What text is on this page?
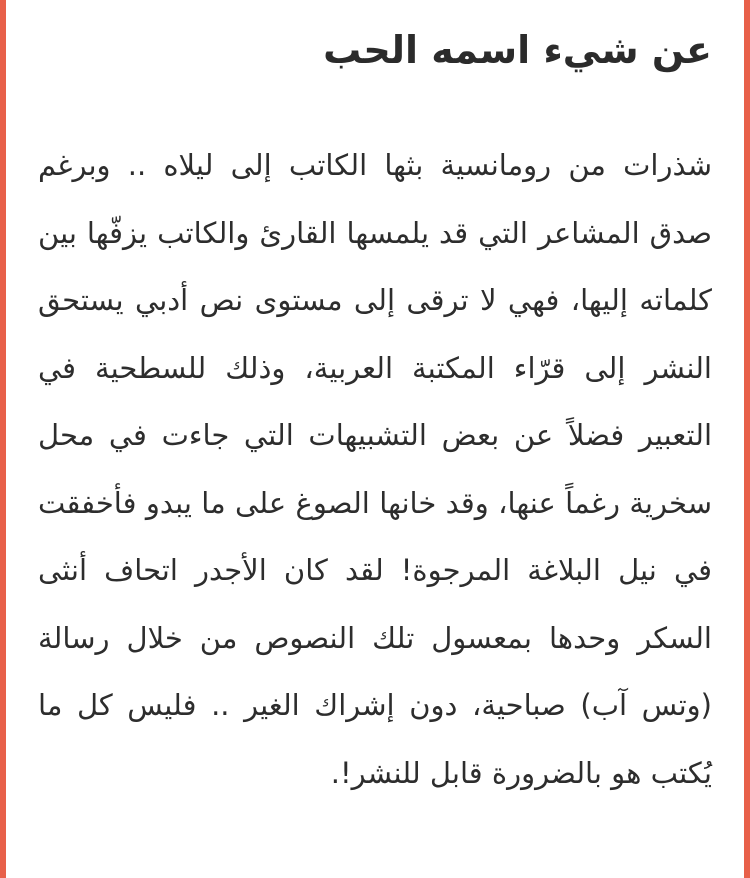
عن شيء اسمه الحب

شذرات من رومانسية بثها الكاتب إلى ليلاه .. وبرغم صدق المشاعر التي قد يلمسها القارئ والكاتب يزفّها بين كلماته إليها، فهي لا ترقى إلى مستوى نص أدبي يستحق النشر إلى قرّاء المكتبة العربية، وذلك للسطحية في التعبير فضلاً عن بعض التشبيهات التي جاءت في محل سخرية رغماً عنها، وقد خانها الصوغ على ما يبدو فأخفقت في نيل البلاغة المرجوة! لقد كان الأجدر اتحاف أنثى السكر وحدها بمعسول تلك النصوص من خلال رسالة (وتس آب) صباحية، دون إشراك الغير .. فليس كل ما يُكتب هو بالضرورة قابل للنشر!.
